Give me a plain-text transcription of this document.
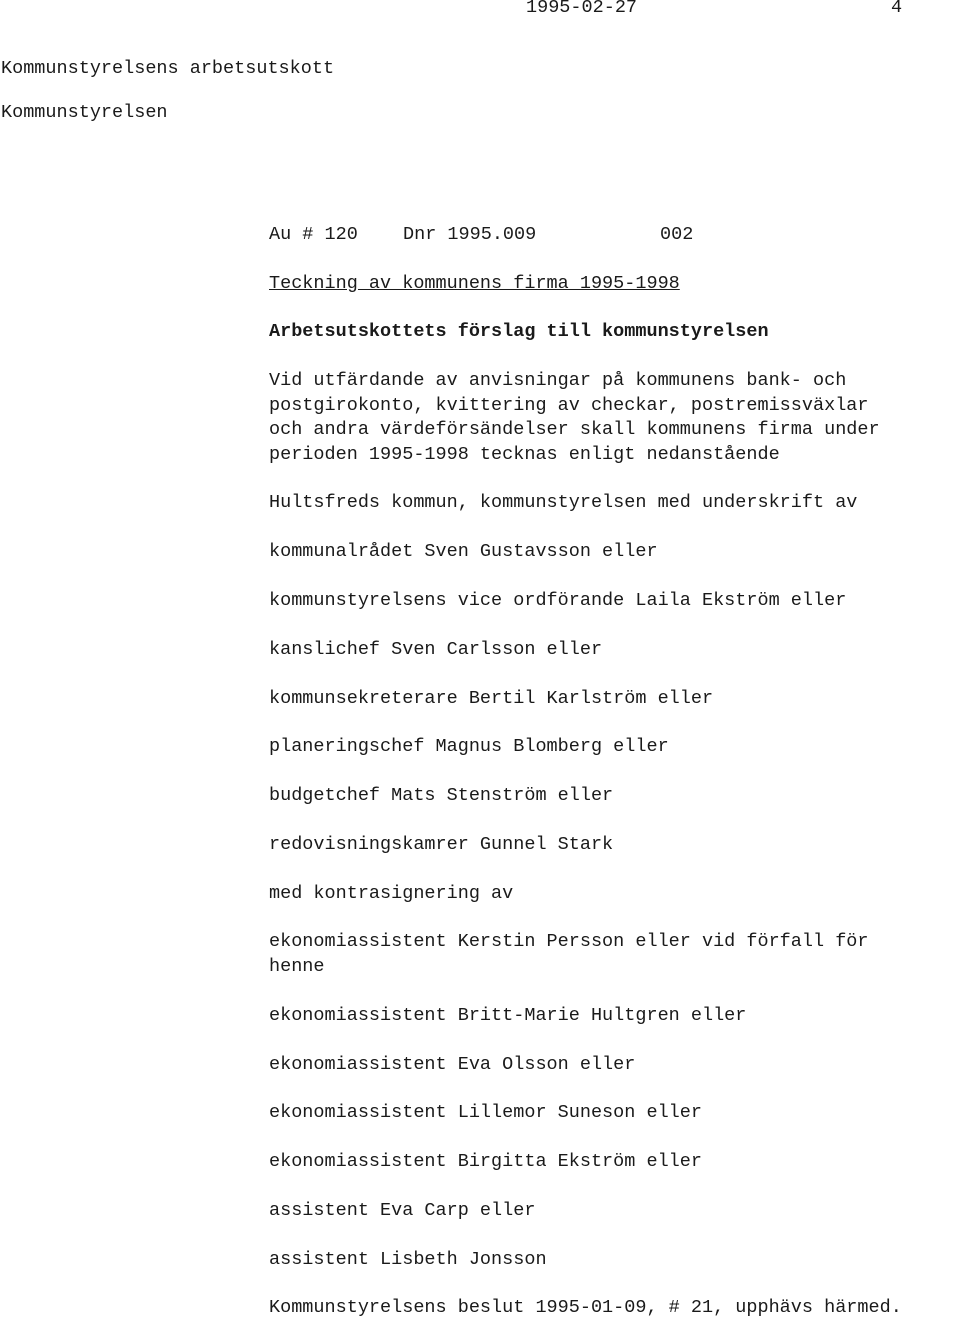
1995-02-27	4

Kommunstyrelsens arbetsutskott

Kommunstyrelsen

Au # 120 Dnr 1995.009	002

Teckning av kommunens firma 1995-1998

Arbetsutskottets förslag till kommunstyrelsen

Vid utfärdande av anvisningar på kommunens bank- och

postgirokonto, kvittering av checkar, postremissväxlar

och andra värdeförsändelser skall kommunens firma under

perioden 1995-1998 tecknas enligt nedanstående

Hultsfreds kommun, kommunstyrelsen med underskrift av

kommunalrådet Sven Gustavsson eller

kommunstyrelsens vice ordförande Laila Ekström eller

kanslichef Sven Carlsson eller

kommunsekreterare Bertil Karlström eller

planeringschef Magnus Blomberg eller

budgetchef Mats Stenström eller

redovisningskamrer Gunnel Stark

med kontrasignering av

ekonomiassistent Kerstin Persson eller vid förfall för

henne

ekonomiassistent Britt-Marie Hultgren eller

ekonomiassistent Eva Olsson eller

ekonomiassistent Lillemor Suneson eller

ekonomiassistent Birgitta Ekström eller

assistent Eva Carp eller

assistent Lisbeth Jonsson

Kommunstyrelsens beslut 1995-01-09, # 21, upphävs härmed.
